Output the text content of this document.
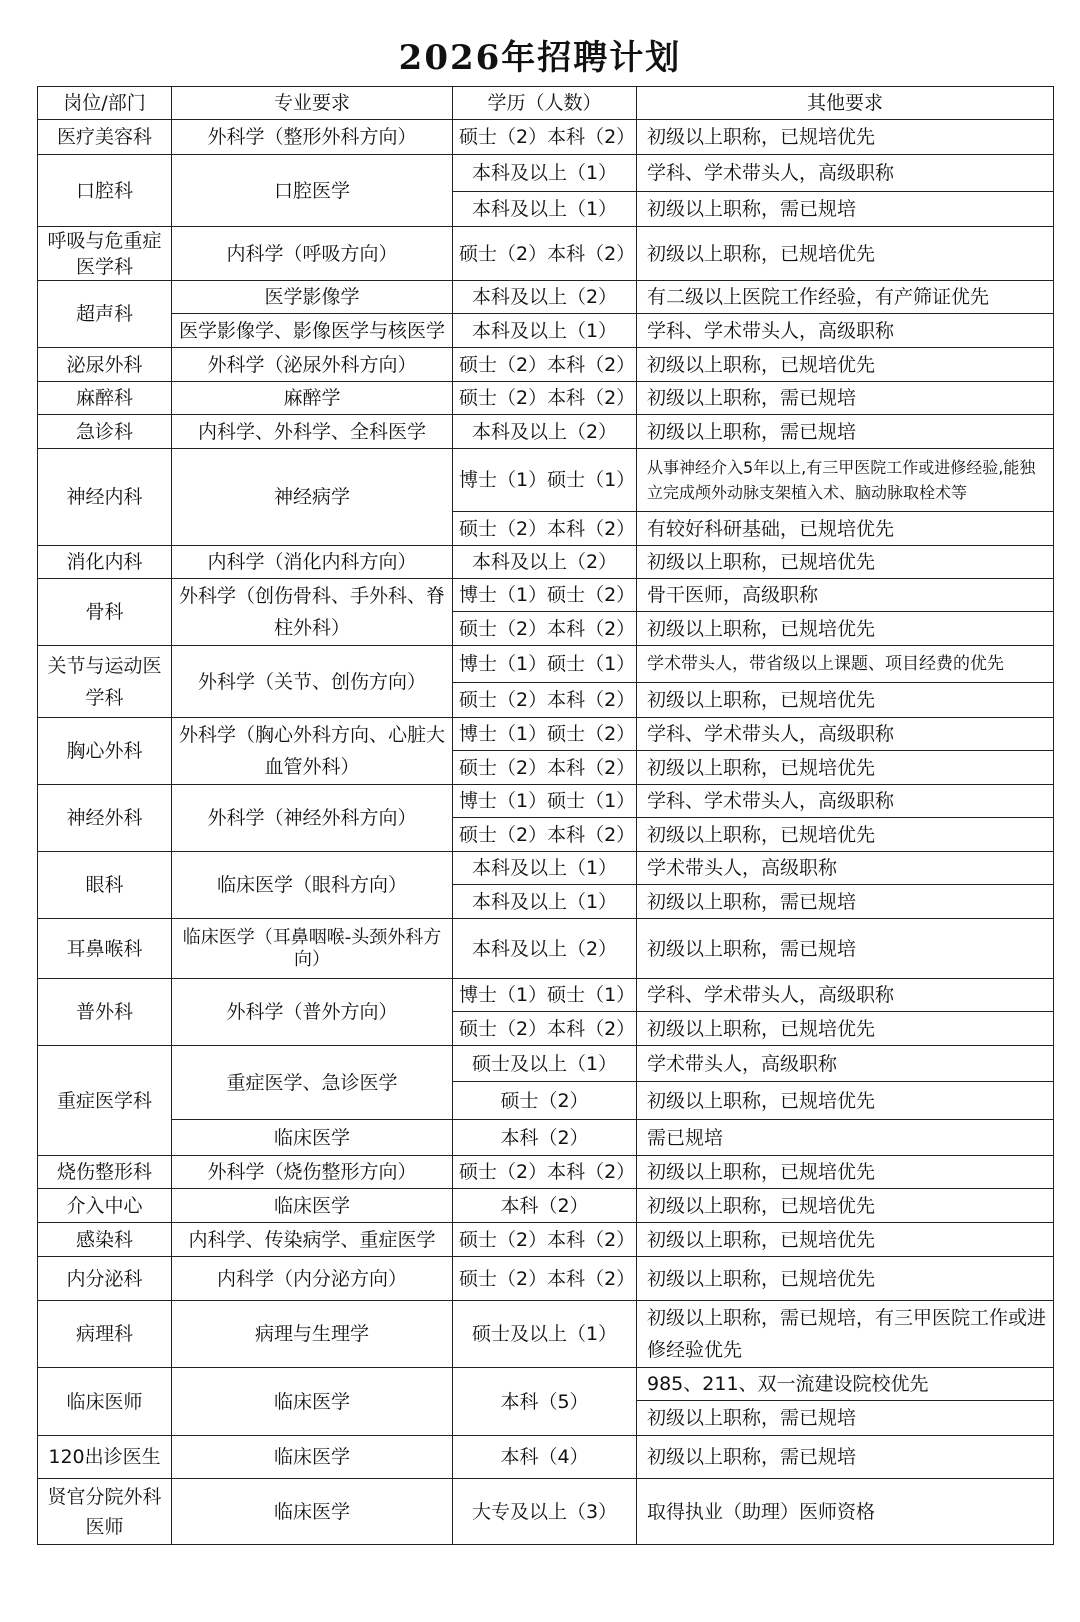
2026年招聘计划
岗位/部门	专业要求	学历（人数）	其他要求
医疗美容科	外科学（整形外科方向）	硕士（2）本科（2）	初级以上职称，已规培优先
口腔科	口腔医学	本科及以上（1）	学科、学术带头人，高级职称
		本科及以上（1）	初级以上职称，需已规培
呼吸与危重症医学科	内科学（呼吸方向）	硕士（2）本科（2）	初级以上职称，已规培优先
超声科	医学影像学	本科及以上（2）	有二级以上医院工作经验，有产筛证优先
	医学影像学、影像医学与核医学	本科及以上（1）	学科、学术带头人，高级职称
泌尿外科	外科学（泌尿外科方向）	硕士（2）本科（2）	初级以上职称，已规培优先
麻醉科	麻醉学	硕士（2）本科（2）	初级以上职称，需已规培
急诊科	内科学、外科学、全科医学	本科及以上（2）	初级以上职称，需已规培
神经内科	神经病学	博士（1）硕士（1）	从事神经介入5年以上,有三甲医院工作或进修经验,能独立完成颅外动脉支架植入术、脑动脉取栓术等
		硕士（2）本科（2）	有较好科研基础，已规培优先
消化内科	内科学（消化内科方向）	本科及以上（2）	初级以上职称，已规培优先
骨科	外科学（创伤骨科、手外科、脊柱外科）	博士（1）硕士（2）	骨干医师，高级职称
		硕士（2）本科（2）	初级以上职称，已规培优先
关节与运动医学科	外科学（关节、创伤方向）	博士（1）硕士（1）	学术带头人，带省级以上课题、项目经费的优先
		硕士（2）本科（2）	初级以上职称，已规培优先
胸心外科	外科学（胸心外科方向、心脏大血管外科）	博士（1）硕士（2）	学科、学术带头人，高级职称
		硕士（2）本科（2）	初级以上职称，已规培优先
神经外科	外科学（神经外科方向）	博士（1）硕士（1）	学科、学术带头人，高级职称
		硕士（2）本科（2）	初级以上职称，已规培优先
眼科	临床医学（眼科方向）	本科及以上（1）	学术带头人，高级职称
		本科及以上（1）	初级以上职称，需已规培
耳鼻喉科	临床医学（耳鼻咽喉-头颈外科方向）	本科及以上（2）	初级以上职称，需已规培
普外科	外科学（普外方向）	博士（1）硕士（1）	学科、学术带头人，高级职称
		硕士（2）本科（2）	初级以上职称，已规培优先
重症医学科	重症医学、急诊医学	硕士及以上（1）	学术带头人，高级职称
		硕士（2）	初级以上职称，已规培优先
	临床医学	本科（2）	需已规培
烧伤整形科	外科学（烧伤整形方向）	硕士（2）本科（2）	初级以上职称，已规培优先
介入中心	临床医学	本科（2）	初级以上职称，已规培优先
感染科	内科学、传染病学、重症医学	硕士（2）本科（2）	初级以上职称，已规培优先
内分泌科	内科学（内分泌方向）	硕士（2）本科（2）	初级以上职称，已规培优先
病理科	病理与生理学	硕士及以上（1）	初级以上职称，需已规培，有三甲医院工作或进修经验优先
临床医师	临床医学	本科（5）	985、211、双一流建设院校优先
			初级以上职称，需已规培
120出诊医生	临床医学	本科（4）	初级以上职称，需已规培
贤官分院外科医师	临床医学	大专及以上（3）	取得执业（助理）医师资格
